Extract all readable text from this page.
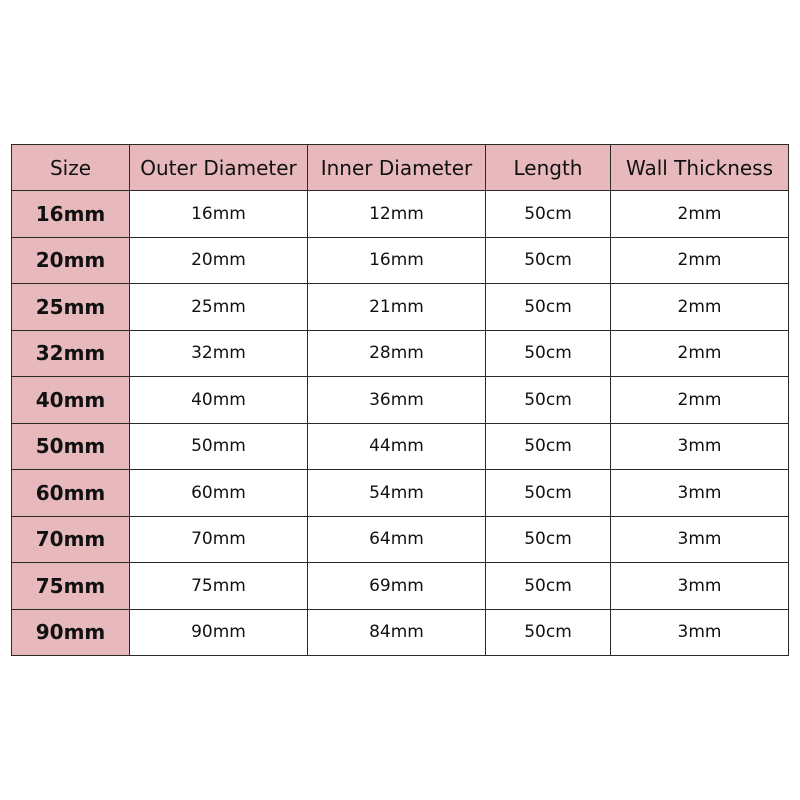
Size	Outer Diameter	Inner Diameter	Length	Wall Thickness
16mm	16mm	12mm	50cm	2mm
20mm	20mm	16mm	50cm	2mm
25mm	25mm	21mm	50cm	2mm
32mm	32mm	28mm	50cm	2mm
40mm	40mm	36mm	50cm	2mm
50mm	50mm	44mm	50cm	3mm
60mm	60mm	54mm	50cm	3mm
70mm	70mm	64mm	50cm	3mm
75mm	75mm	69mm	50cm	3mm
90mm	90mm	84mm	50cm	3mm
